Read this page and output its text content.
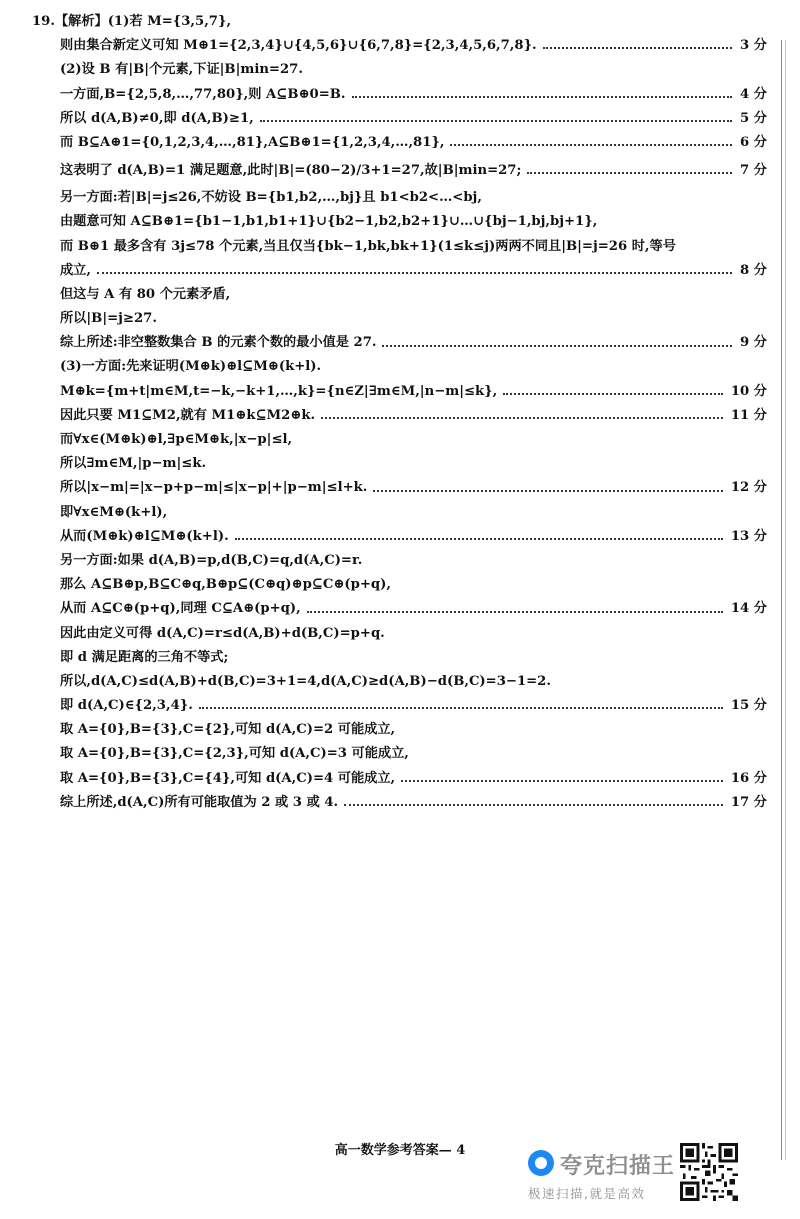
19.【解析】(1)若 M={3,5,7},
则由集合新定义可知 M⊕1={2,3,4}∪{4,5,6}∪{6,7,8}={2,3,4,5,6,7,8}.	3 分
(2)设 B 有|B|个元素,下证|B|min=27.
一方面,B={2,5,8,…,77,80},则 A⊆B⊕0=B.	4 分
所以 d(A,B)≠0,即 d(A,B)≥1,	5 分
而 B⊆A⊕1={0,1,2,3,4,…,81},A⊆B⊕1={1,2,3,4,…,81},	6 分
这表明了 d(A,B)=1 满足题意,此时|B|=(80−2)/3+1=27,故|B|min=27;	7 分
另一方面:若|B|=j≤26,不妨设 B={b1,b2,…,bj}且 b1<b2<…<bj,
由题意可知 A⊆B⊕1={b1−1,b1,b1+1}∪{b2−1,b2,b2+1}∪…∪{bj−1,bj,bj+1},
而 B⊕1 最多含有 3j≤78 个元素,当且仅当{bk−1,bk,bk+1}(1≤k≤j)两两不同且|B|=j=26 时,等号
成立,	8 分
但这与 A 有 80 个元素矛盾,
所以|B|=j≥27.
综上所述:非空整数集合 B 的元素个数的最小值是 27.	9 分
(3)一方面:先来证明(M⊕k)⊕l⊆M⊕(k+l).
M⊕k={m+t|m∈M,t=−k,−k+1,…,k}={n∈Z|∃m∈M,|n−m|≤k},	10 分
因此只要 M1⊆M2,就有 M1⊕k⊆M2⊕k.	11 分
而∀x∈(M⊕k)⊕l,∃p∈M⊕k,|x−p|≤l,
所以∃m∈M,|p−m|≤k.
所以|x−m|=|x−p+p−m|≤|x−p|+|p−m|≤l+k.	12 分
即∀x∈M⊕(k+l),
从而(M⊕k)⊕l⊆M⊕(k+l).	13 分
另一方面:如果 d(A,B)=p,d(B,C)=q,d(A,C)=r.
那么 A⊆B⊕p,B⊆C⊕q,B⊕p⊆(C⊕q)⊕p⊆C⊕(p+q),
从而 A⊆C⊕(p+q),同理 C⊆A⊕(p+q),	14 分
因此由定义可得 d(A,C)=r≤d(A,B)+d(B,C)=p+q.
即 d 满足距离的三角不等式;
所以,d(A,C)≤d(A,B)+d(B,C)=3+1=4,d(A,C)≥d(A,B)−d(B,C)=3−1=2.
即 d(A,C)∈{2,3,4}.	15 分
取 A={0},B={3},C={2},可知 d(A,C)=2 可能成立,
取 A={0},B={3},C={2,3},可知 d(A,C)=3 可能成立,
取 A={0},B={3},C={4},可知 d(A,C)=4 可能成立,	16 分
综上所述,d(A,C)所有可能取值为 2 或 3 或 4.	17 分
高一数学参考答案— 4
夸克扫描王
极速扫描,就是高效
